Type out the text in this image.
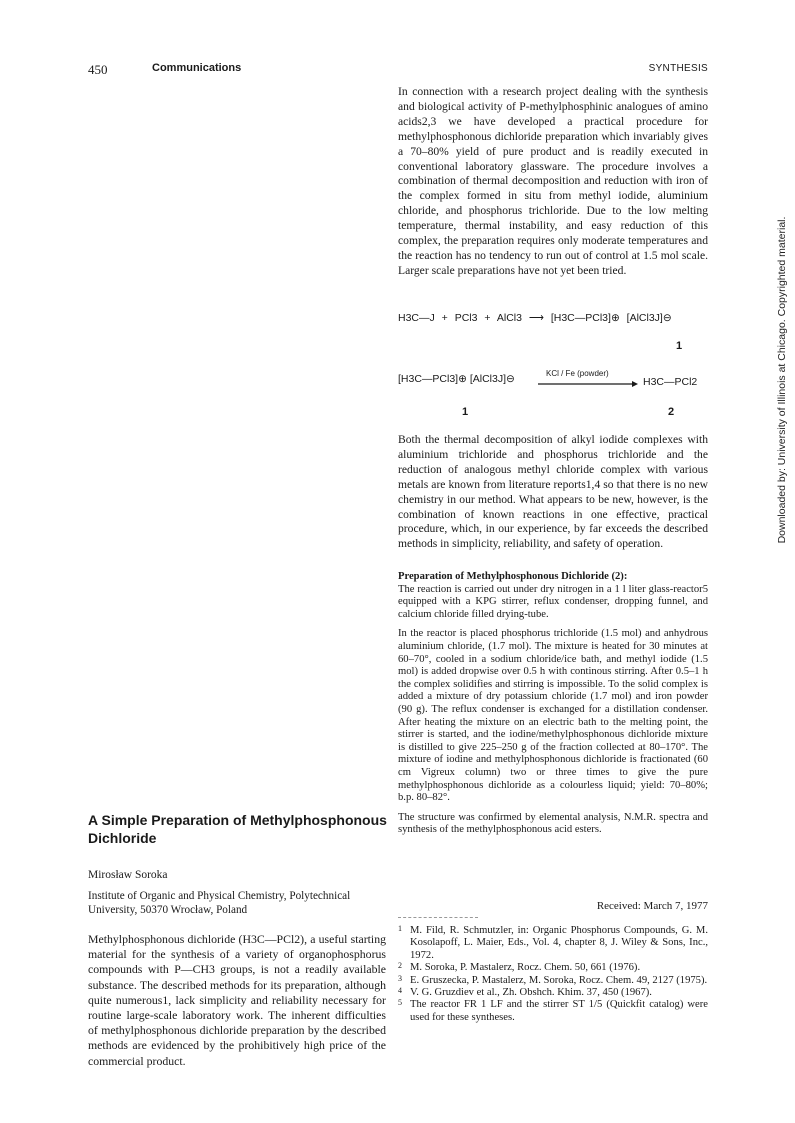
450	Communications	SYNTHESIS
Downloaded by: University of Illinois at Chicago. Copyrighted material.
In connection with a research project dealing with the synthesis and biological activity of P-methylphosphinic analogues of amino acids2,3 we have developed a practical procedure for methylphosphonous dichloride preparation which invariably gives a 70–80% yield of pure product and is readily executed in conventional laboratory glassware. The procedure involves a combination of thermal decomposition and reduction with iron of the complex formed in situ from methyl iodide, aluminium chloride, and phosphorus trichloride. Due to the low melting temperature, thermal instability, and easy reduction of this complex, the preparation requires only moderate temperatures and the reaction has no tendency to run out of control at 1.5 mol scale. Larger scale preparations have not yet been tried.
H3C—J + PCl3 + AlCl3 ⟶ [H3C—PCl3]⊕ [AlCl3J]⊖
1
[H3C—PCl3]⊕ [AlCl3J]⊖
1
KCl / Fe (powder)
H3C—PCl2
2
Both the thermal decomposition of alkyl iodide complexes with aluminium trichloride and phosphorus trichloride and the reduction of analogous methyl chloride complex with various metals are known from literature reports1,4 so that there is no new chemistry in our method. What appears to be new, however, is the combination of known reactions in one effective, practical procedure, which, in our experience, by far exceeds the described methods in simplicity, reliability, and safety of operation.
Preparation of Methylphosphonous Dichloride (2):

The reaction is carried out under dry nitrogen in a 1 l liter glass-reactor5 equipped with a KPG stirrer, reflux condenser, dropping funnel, and calcium chloride filled drying-tube.

In the reactor is placed phosphorus trichloride (1.5 mol) and anhydrous aluminium chloride, (1.7 mol). The mixture is heated for 30 minutes at 60–70°, cooled in a sodium chloride/ice bath, and methyl iodide (1.5 mol) is added dropwise over 0.5 h with continous stirring. After 0.5–1 h the complex solidifies and stirring is impossible. To the solid complex is added a mixture of dry potassium chloride (1.7 mol) and iron powder (90 g). The reflux condenser is exchanged for a distillation condenser. After heating the mixture on an electric bath to the melting point, the stirrer is started, and the iodine/methylphosphonous dichloride mixture is distilled to give 225–250 g of the fraction collected at 80–170°. The mixture of iodine and methylphosphonous dichloride is fractionated (60 cm Vigreux column) two or three times to give the pure methylphosphonous dichloride as a colourless liquid; yield: 70–80%; b.p. 80–82°.

The structure was confirmed by elemental analysis, N.M.R. spectra and synthesis of the methylphosphonous acid esters.

Received: March 7, 1977
1 M. Fild, R. Schmutzler, in: Organic Phosphorus Compounds, G. M. Kosolapoff, L. Maier, Eds., Vol. 4, chapter 8, J. Wiley & Sons, Inc., 1972.
2 M. Soroka, P. Mastalerz, Rocz. Chem. 50, 661 (1976).
3 E. Gruszecka, P. Mastalerz, M. Soroka, Rocz. Chem. 49, 2127 (1975).
4 V. G. Gruzdiev et al., Zh. Obshch. Khim. 37, 450 (1967).
5 The reactor FR 1 LF and the stirrer ST 1/5 (Quickfit catalog) were used for these syntheses.
A Simple Preparation of Methylphosphonous Dichloride
Mirosław Soroka
Institute of Organic and Physical Chemistry, Polytechnical University, 50370 Wrocław, Poland
Methylphosphonous dichloride (H3C—PCl2), a useful starting material for the synthesis of a variety of organophosphorus compounds with P—CH3 groups, is not a readily available substance. The described methods for its preparation, although quite numerous1, lack simplicity and reliability necessary for routine large-scale laboratory work. The inherent difficulties of methylphosphonous dichloride preparation by the described methods are evidenced by the prohibitively high price of the commercial product.
